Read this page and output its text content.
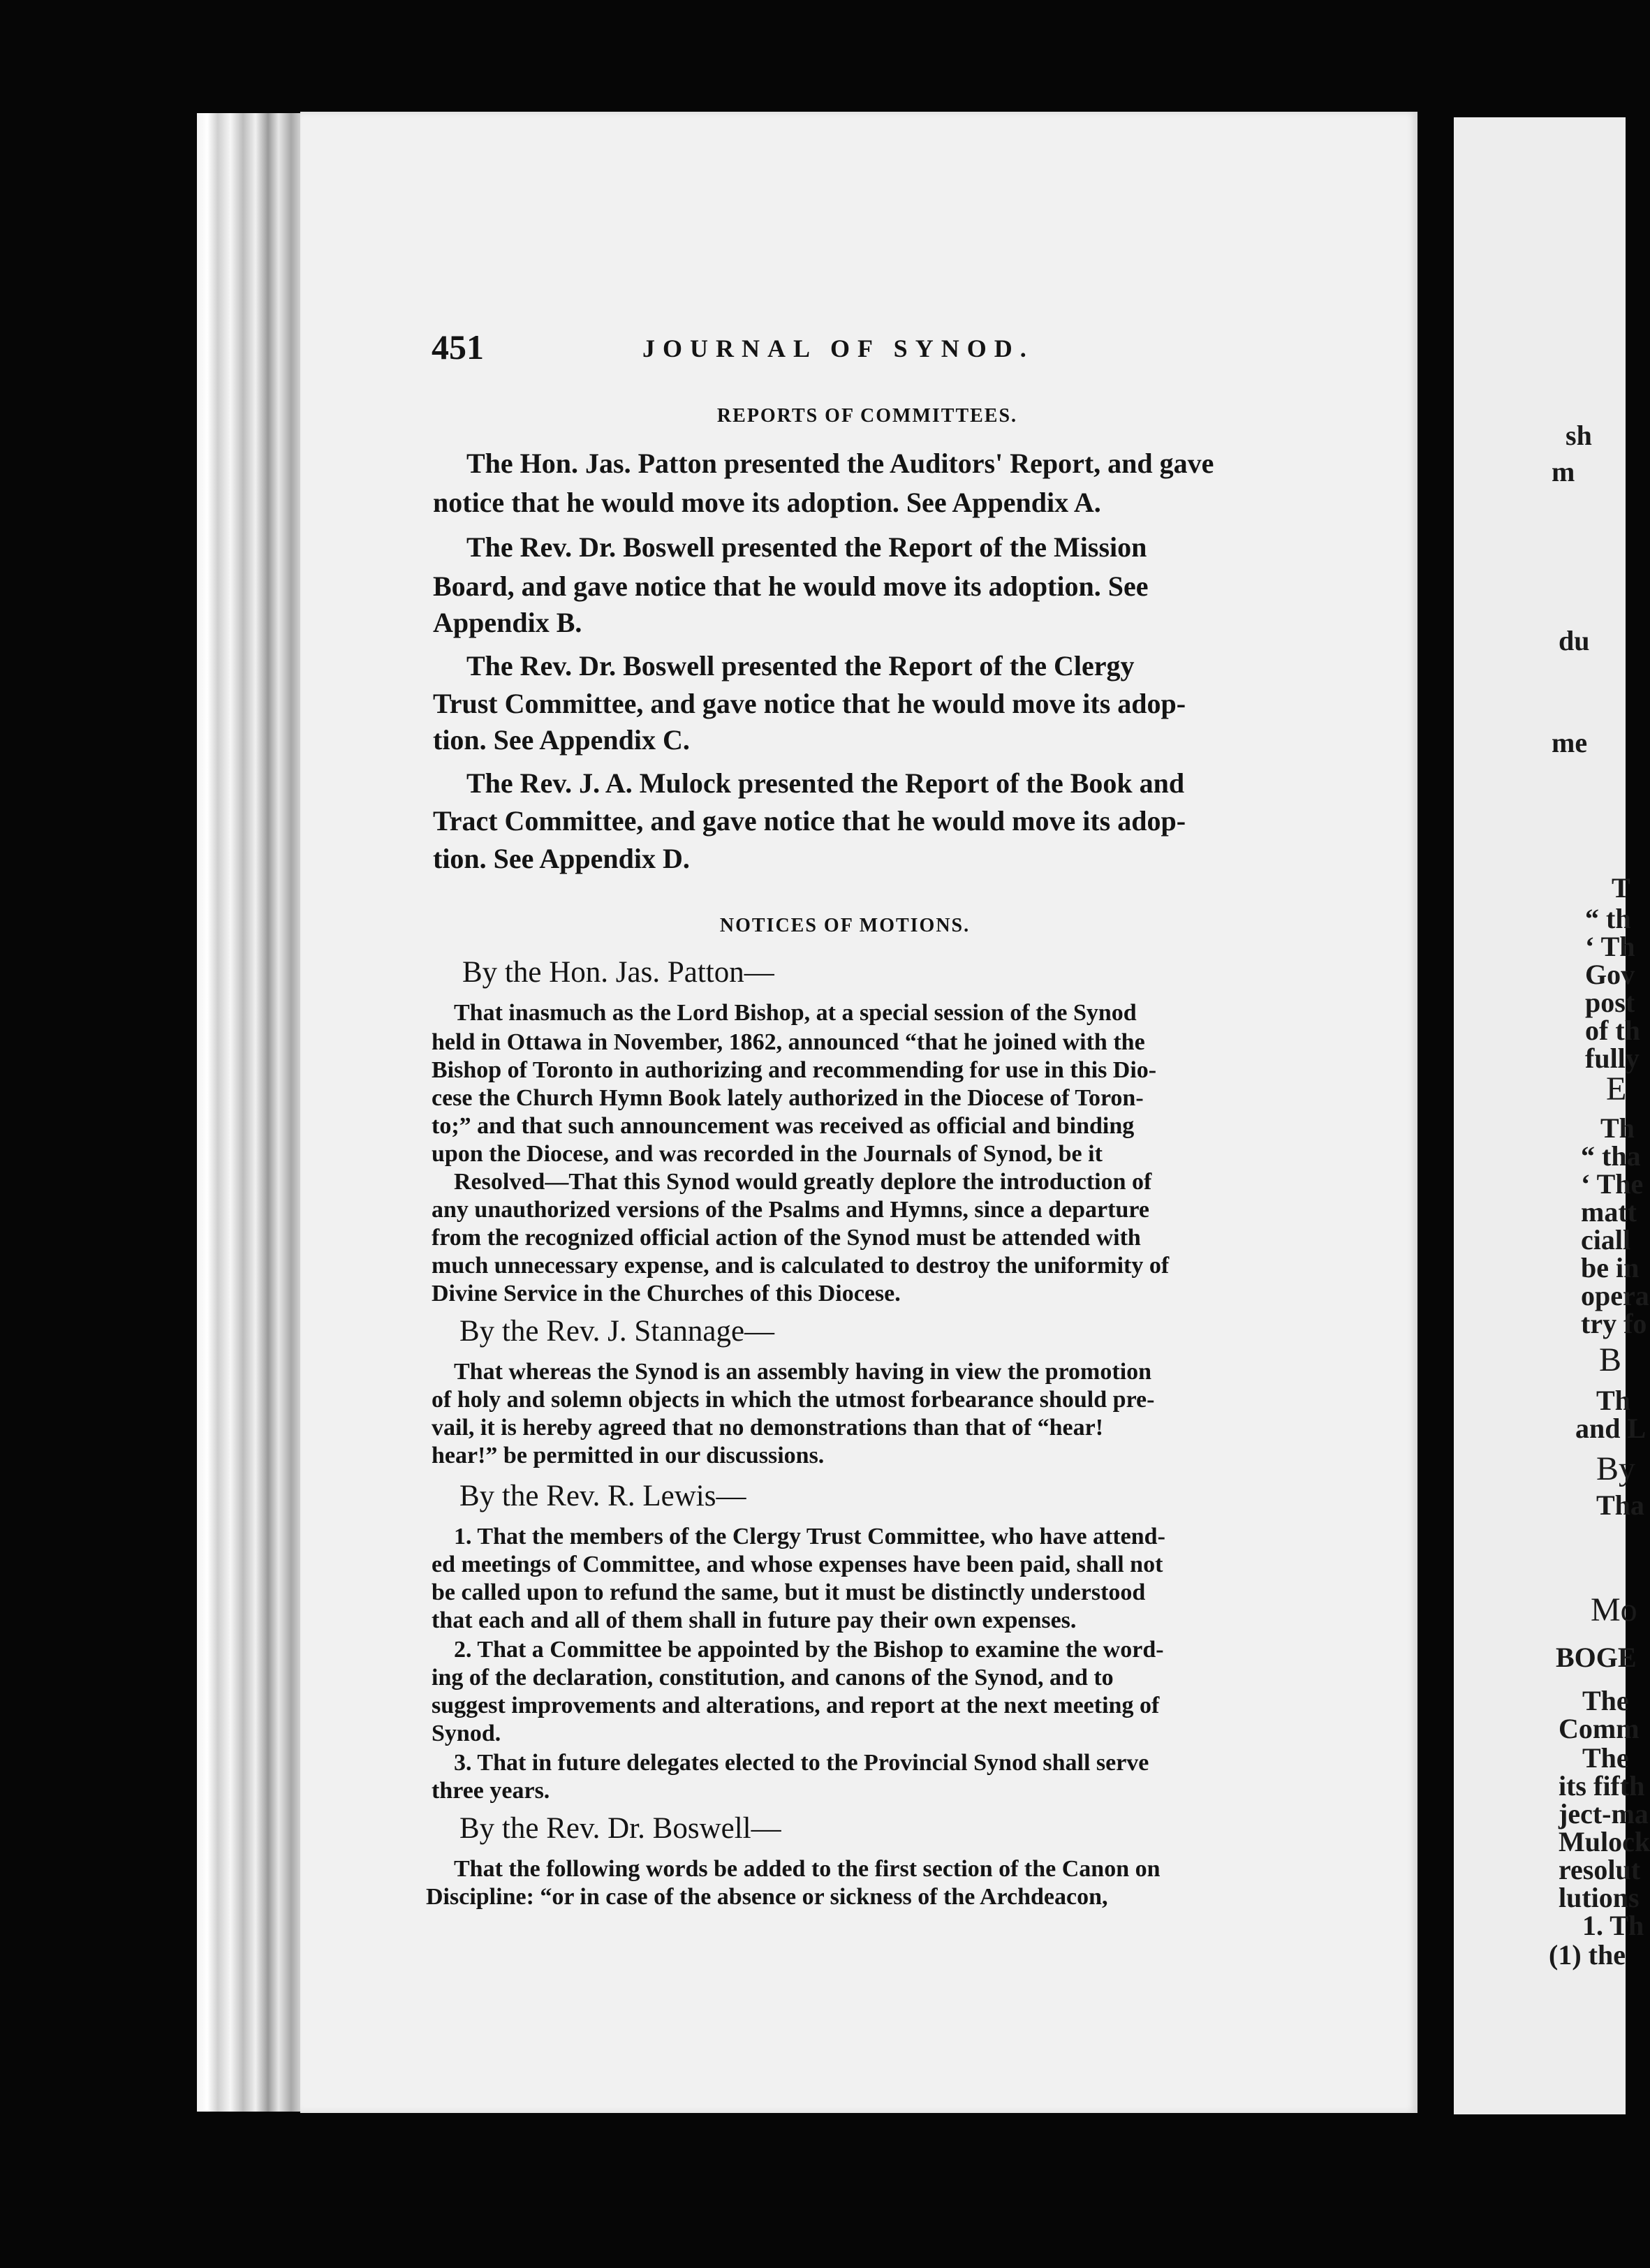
451	JOURNAL OF SYNOD.
REPORTS OF COMMITTEES.
The Hon. Jas. Patton presented the Auditors' Report, and gave
notice that he would move its adoption. See Appendix A.
The Rev. Dr. Boswell presented the Report of the Mission
Board, and gave notice that he would move its adoption. See
Appendix B.
The Rev. Dr. Boswell presented the Report of the Clergy
Trust Committee, and gave notice that he would move its adop-
tion. See Appendix C.
The Rev. J. A. Mulock presented the Report of the Book and
Tract Committee, and gave notice that he would move its adop-
tion. See Appendix D.
NOTICES OF MOTIONS.
By the Hon. Jas. Patton—
That inasmuch as the Lord Bishop, at a special session of the Synod
held in Ottawa in November, 1862, announced “that he joined with the
Bishop of Toronto in authorizing and recommending for use in this Dio-
cese the Church Hymn Book lately authorized in the Diocese of Toron-
to;” and that such announcement was received as official and binding
upon the Diocese, and was recorded in the Journals of Synod, be it
Resolved—That this Synod would greatly deplore the introduction of
any unauthorized versions of the Psalms and Hymns, since a departure
from the recognized official action of the Synod must be attended with
much unnecessary expense, and is calculated to destroy the uniformity of
Divine Service in the Churches of this Diocese.
By the Rev. J. Stannage—
That whereas the Synod is an assembly having in view the promotion
of holy and solemn objects in which the utmost forbearance should pre-
vail, it is hereby agreed that no demonstrations than that of “hear!
hear!” be permitted in our discussions.
By the Rev. R. Lewis—
1. That the members of the Clergy Trust Committee, who have attend-
ed meetings of Committee, and whose expenses have been paid, shall not
be called upon to refund the same, but it must be distinctly understood
that each and all of them shall in future pay their own expenses.
2. That a Committee be appointed by the Bishop to examine the word-
ing of the declaration, constitution, and canons of the Synod, and to
suggest improvements and alterations, and report at the next meeting of
Synod.
3. That in future delegates elected to the Provincial Synod shall serve
three years.
By the Rev. Dr. Boswell—
That the following words be added to the first section of the Canon on
Discipline: “or in case of the absence or sickness of the Archdeacon,
sh
m
du
me
T
“ th
‘ Th
Gov
post
of th
fully
E
Th
“ tha
‘ The
matt
ciall
be in
opera
try fo
B
Th
and L
By
Tha
Mo
BOGE
The
Comm
The
its fifth
ject-ma
Mulock
resolut
lutions
1. Th
(1) the
